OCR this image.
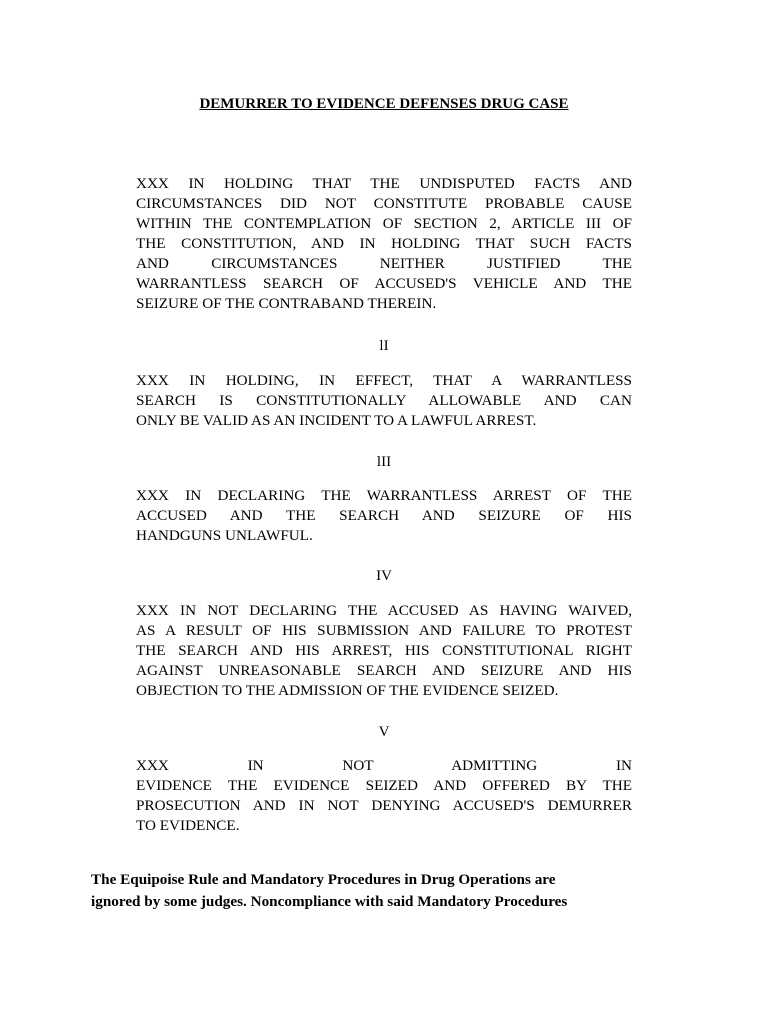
DEMURRER TO EVIDENCE DEFENSES DRUG CASE
XXX IN HOLDING THAT THE UNDISPUTED FACTS AND
CIRCUMSTANCES DID NOT CONSTITUTE PROBABLE CAUSE
WITHIN THE CONTEMPLATION OF SECTION 2, ARTICLE III OF
THE CONSTITUTION, AND IN HOLDING THAT SUCH FACTS
AND CIRCUMSTANCES NEITHER JUSTIFIED THE
WARRANTLESS SEARCH OF ACCUSED'S VEHICLE AND THE
SEIZURE OF THE CONTRABAND THEREIN.
lI
XXX IN HOLDING, IN EFFECT, THAT A WARRANTLESS
SEARCH IS CONSTITUTIONALLY ALLOWABLE AND CAN
ONLY BE VALID AS AN INCIDENT TO A LAWFUL ARREST.
lII
XXX IN DECLARING THE WARRANTLESS ARREST OF THE
ACCUSED AND THE SEARCH AND SEIZURE OF HIS
HANDGUNS UNLAWFUL.
IV
XXX IN NOT DECLARING THE ACCUSED AS HAVING WAIVED,
AS A RESULT OF HIS SUBMISSION AND FAILURE TO PROTEST
THE SEARCH AND HIS ARREST, HIS CONSTITUTIONAL RIGHT
AGAINST UNREASONABLE SEARCH AND SEIZURE AND HIS
OBJECTION TO THE ADMISSION OF THE EVIDENCE SEIZED.
V
XXX IN NOT ADMITTING IN
EVIDENCE THE EVIDENCE SEIZED AND OFFERED BY THE
PROSECUTION AND IN NOT DENYING ACCUSED'S DEMURRER
TO EVIDENCE.
The Equipoise Rule and Mandatory Procedures in Drug Operations are
ignored by some judges. Noncompliance with said Mandatory Procedures
